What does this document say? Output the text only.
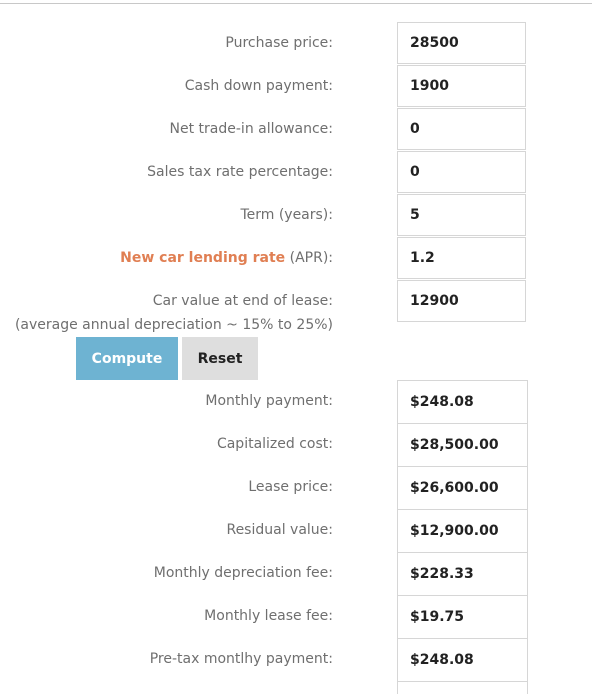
Purchase price:
28500
Cash down payment:
1900
Net trade-in allowance:
0
Sales tax rate percentage:
0
Term (years):
5
New car lending rate (APR):
1.2
Car value at end of lease:
12900
(average annual depreciation ~ 15% to 25%)
Compute	Reset
Monthly payment:	$248.08
Capitalized cost:	$28,500.00
Lease price:	$26,600.00
Residual value:	$12,900.00
Monthly depreciation fee:	$228.33
Monthly lease fee:	$19.75
Pre-tax montlhy payment:	$248.08
